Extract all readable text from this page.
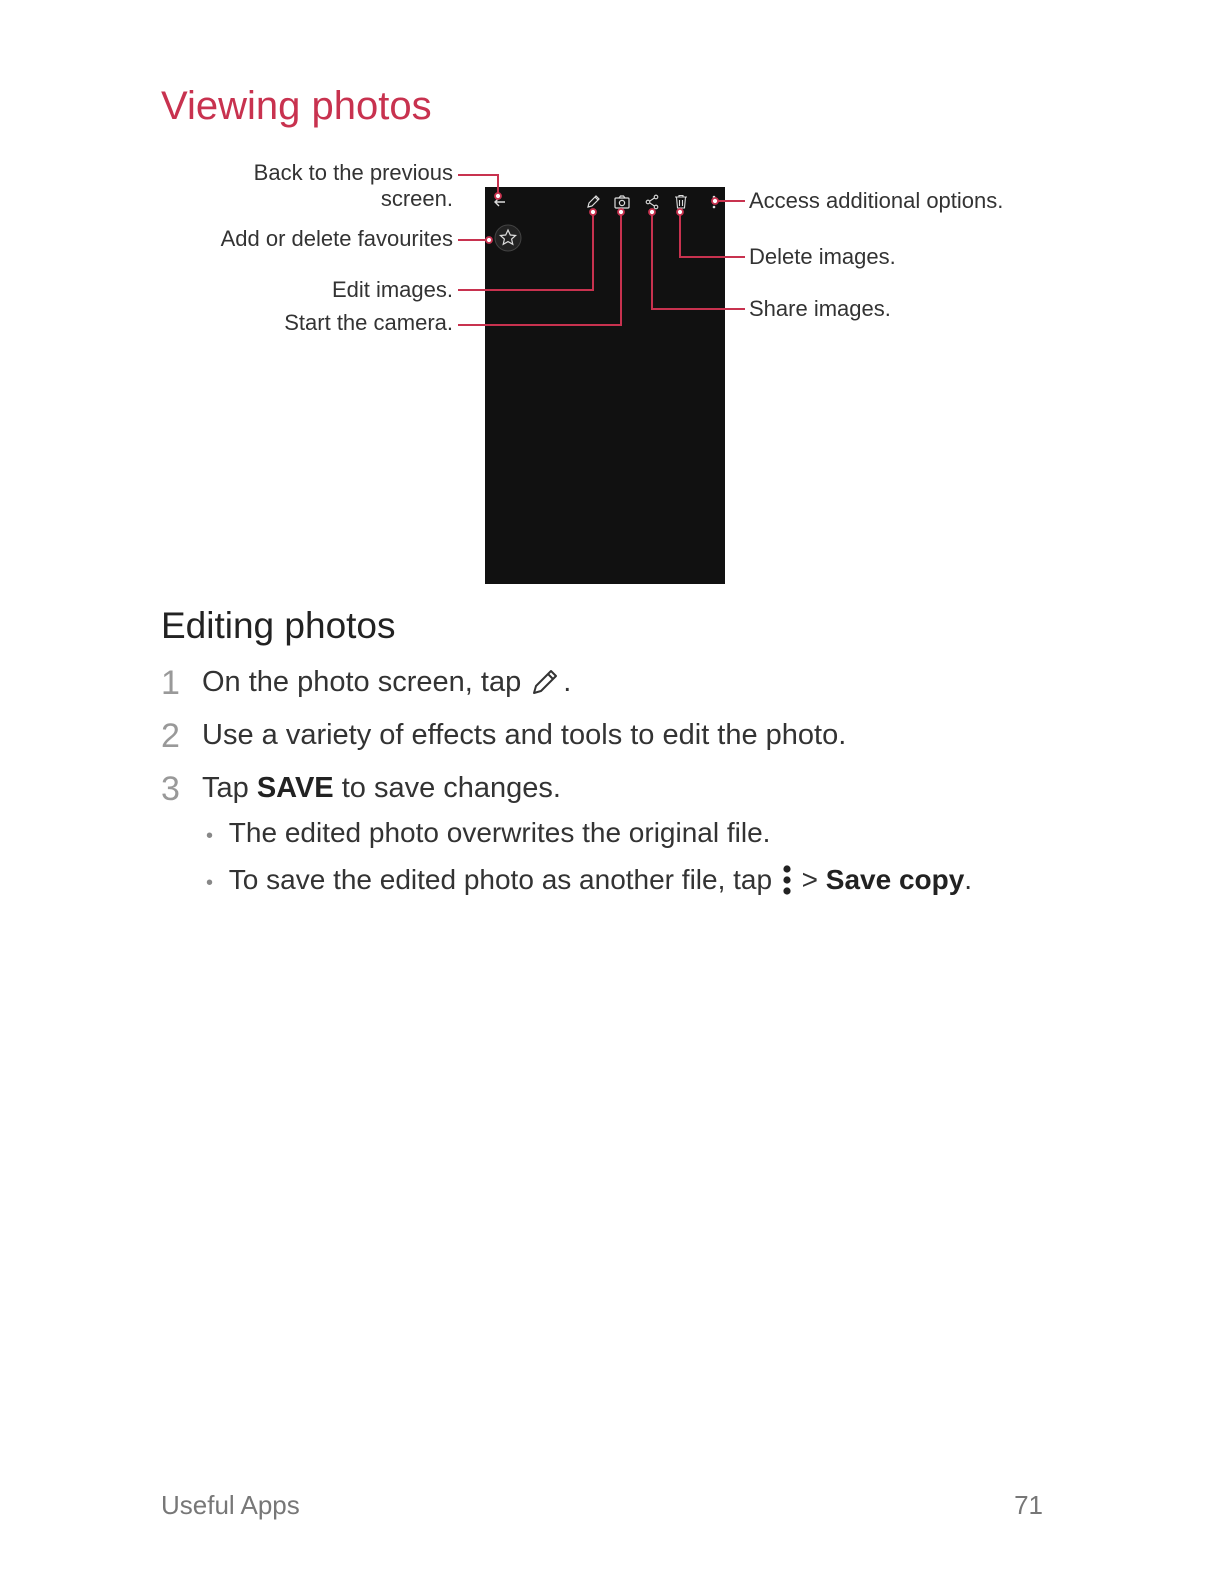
Viewing photos
Back to the previous
screen.
Add or delete favourites
Edit images.
Start the camera.
Access additional options.
Delete images.
Share images.
Editing photos
1 On the photo screen, tap .
2 Use a variety of effects and tools to edit the photo.
3 Tap SAVE to save changes.
• The edited photo overwrites the original file.
• To save the edited photo as another file, tap > Save copy.
Useful Apps	71
